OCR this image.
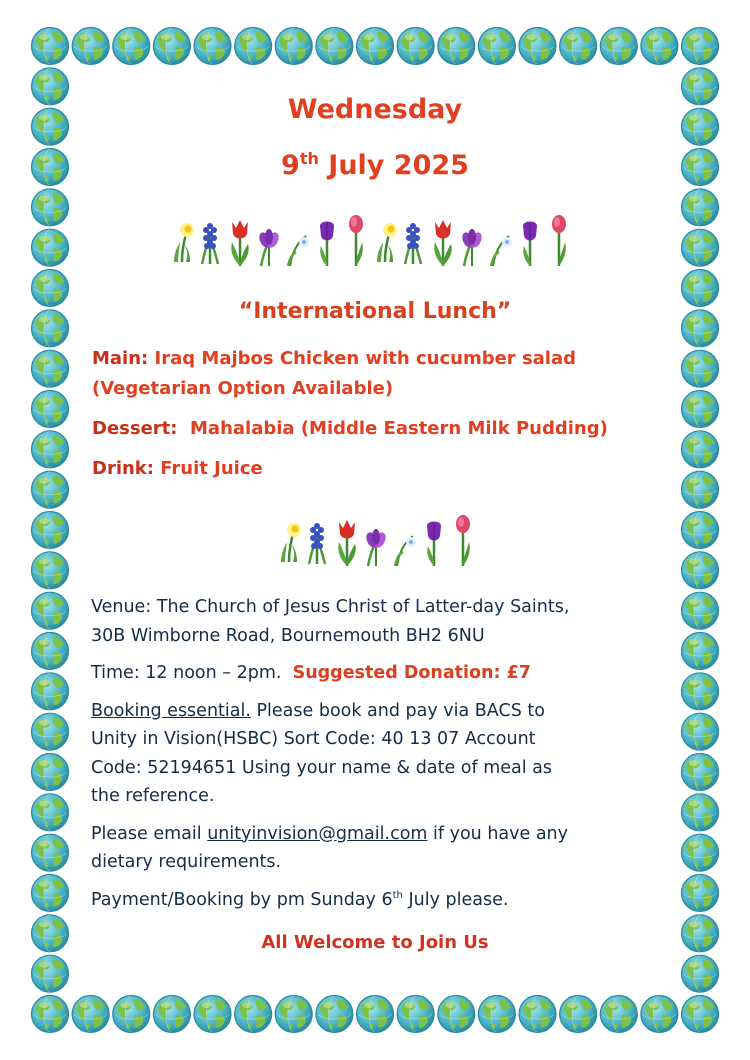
Wednesday
9th July 2025
“International Lunch”
Main: Iraq Majbos Chicken with cucumber salad
(Vegetarian Option Available)
Dessert: Mahalabia (Middle Eastern Milk Pudding)
Drink: Fruit Juice
Venue: The Church of Jesus Christ of Latter-day Saints,
30B Wimborne Road, Bournemouth BH2 6NU
Time: 12 noon – 2pm. Suggested Donation: £7
Booking essential. Please book and pay via BACS to
Unity in Vision(HSBC) Sort Code: 40 13 07 Account
Code: 52194651 Using your name & date of meal as
the reference.
Please email unityinvision@gmail.com if you have any
dietary requirements.
Payment/Booking by pm Sunday 6th July please.
All Welcome to Join Us
